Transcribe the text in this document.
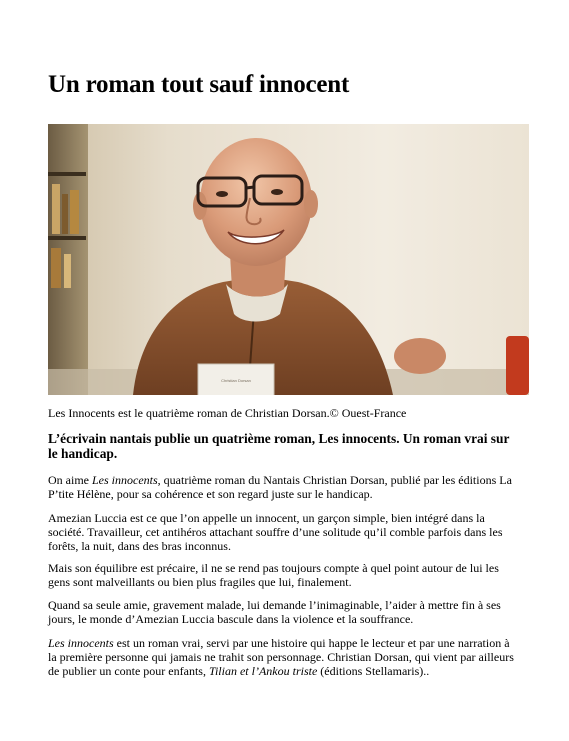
Un roman tout sauf innocent
Christian Dorsan

Les Innocents est le quatrième roman de Christian Dorsan.© Ouest-France

L’écrivain nantais publie un quatrième roman, Les innocents. Un roman vrai sur le handicap.

On aime Les innocents, quatrième roman du Nantais Christian Dorsan, publié par les éditions La P’tite Hélène, pour sa cohérence et son regard juste sur le handicap.

Amezian Luccia est ce que l’on appelle un innocent, un garçon simple, bien intégré dans la société. Travailleur, cet antihéros attachant souffre d’une solitude qu’il comble parfois dans les forêts, la nuit, dans des bras inconnus.

Mais son équilibre est précaire, il ne se rend pas toujours compte à quel point autour de lui les gens sont malveillants ou bien plus fragiles que lui, finalement.

Quand sa seule amie, gravement malade, lui demande l’inimaginable, l’aider à mettre fin à ses jours, le monde d’Amezian Luccia bascule dans la violence et la souffrance.

Les innocents est un roman vrai, servi par une histoire qui happe le lecteur et par une narration à la première personne qui jamais ne trahit son personnage. Christian Dorsan, qui vient par ailleurs de publier un conte pour enfants, Tilian et l’Ankou triste (éditions Stellamaris)..
